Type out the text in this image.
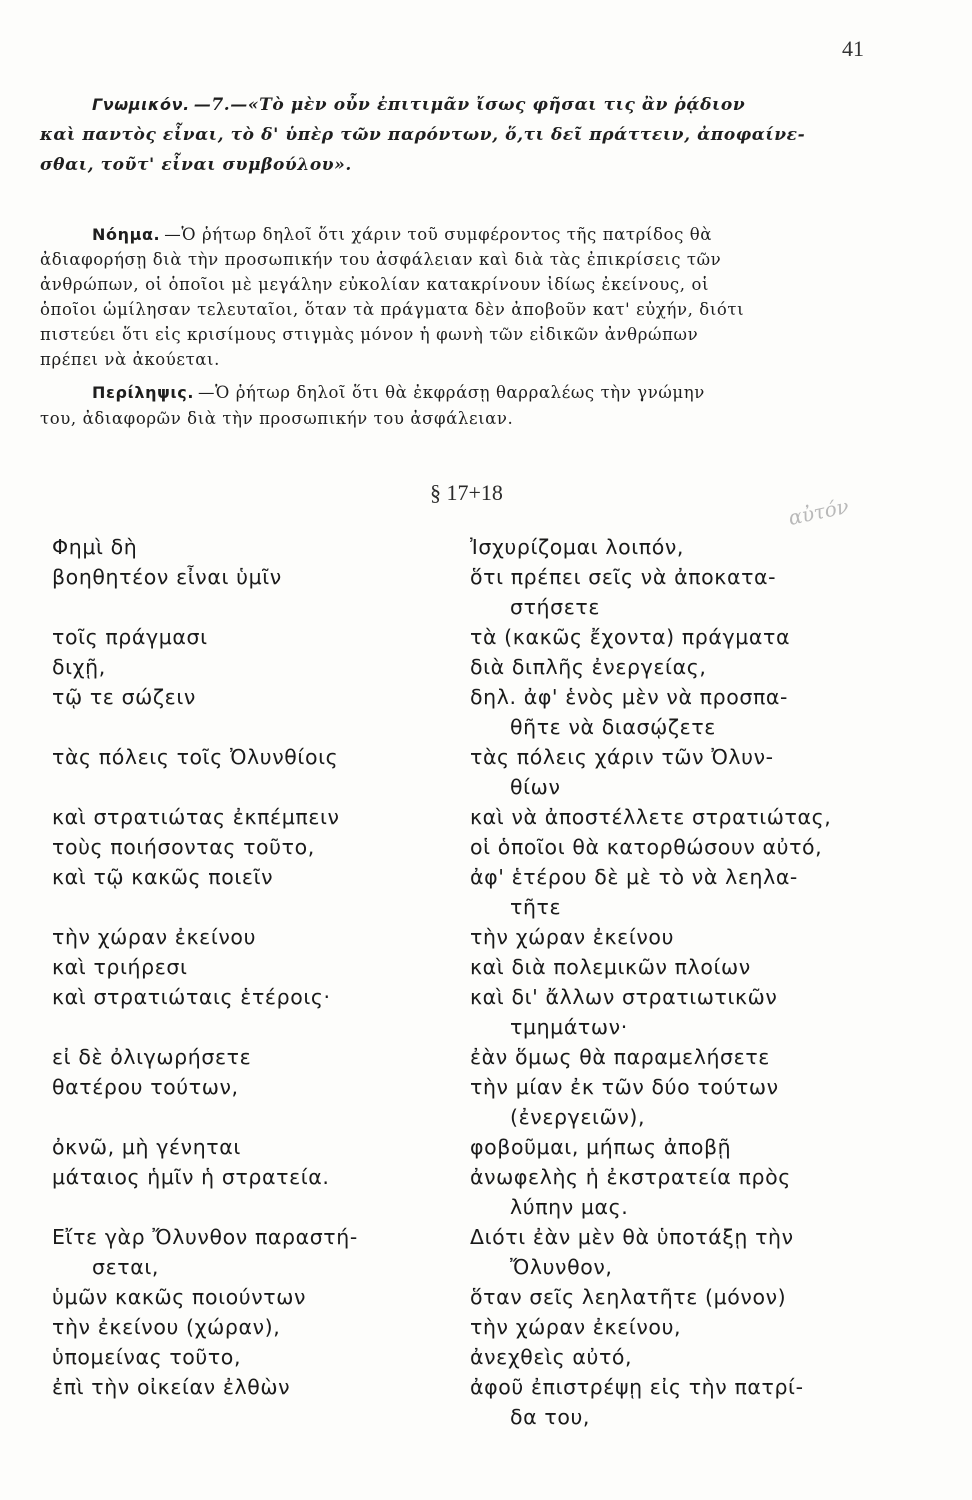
41
Γνωμικόν. —7.—«Τὸ μὲν οὖν ἐπιτιμᾶν ἴσως φῆσαι τις ἂν ῥᾴδιον
καὶ παντὸς εἶναι, τὸ δ' ὑπὲρ τῶν παρόντων, ὅ,τι δεῖ πράττειν, ἀποφαίνε-
σθαι, τοῦτ' εἶναι συμβούλου».
Νόημα. —Ὁ ῥήτωρ δηλοῖ ὅτι χάριν τοῦ συμφέροντος τῆς πατρίδος θὰ
ἀδιαφορήσῃ διὰ τὴν προσωπικήν του ἀσφάλειαν καὶ διὰ τὰς ἐπικρίσεις τῶν
ἀνθρώπων, οἱ ὁποῖοι μὲ μεγάλην εὐκολίαν κατακρίνουν ἰδίως ἐκείνους, οἱ
ὁποῖοι ὡμίλησαν τελευταῖοι, ὅταν τὰ πράγματα δὲν ἀποβοῦν κατ' εὐχήν, διότι
πιστεύει ὅτι εἰς κρισίμους στιγμὰς μόνον ἡ φωνὴ τῶν εἰδικῶν ἀνθρώπων
πρέπει νὰ ἀκούεται.
Περίληψις. —Ὁ ῥήτωρ δηλοῖ ὅτι θὰ ἐκφράσῃ θαρραλέως τὴν γνώμην
του, ἀδιαφορῶν διὰ τὴν προσωπικήν του ἀσφάλειαν.
§ 17+18
αὐτόν
Φημὶ δὴ
βοηθητέον εἶναι ὑμῖν
τοῖς πράγμασι
διχῇ,
τῷ τε σώζειν
τὰς πόλεις τοῖς Ὀλυνθίοις
καὶ στρατιώτας ἐκπέμπειν
τοὺς ποιήσοντας τοῦτο,
καὶ τῷ κακῶς ποιεῖν
τὴν χώραν ἐκείνου
καὶ τριήρεσι
καὶ στρατιώταις ἑτέροις·
εἰ δὲ ὀλιγωρήσετε
θατέρου τούτων,
ὀκνῶ, μὴ γένηται
μάταιος ἡμῖν ἡ στρατεία.
Εἴτε γὰρ Ὄλυνθον παραστή-
σεται,
ὑμῶν κακῶς ποιούντων
τὴν ἐκείνου (χώραν),
ὑπομείνας τοῦτο,
ἐπὶ τὴν οἰκείαν ἐλθὼν
Ἰσχυρίζομαι λοιπόν,
ὅτι πρέπει σεῖς νὰ ἀποκατα-
στήσετε
τὰ (κακῶς ἔχοντα) πράγματα
διὰ διπλῆς ἐνεργείας,
δηλ. ἀφ' ἑνὸς μὲν νὰ προσπα-
θῆτε νὰ διασῴζετε
τὰς πόλεις χάριν τῶν Ὀλυν-
θίων
καὶ νὰ ἀποστέλλετε στρατιώτας,
οἱ ὁποῖοι θὰ κατορθώσουν αὐτό,
ἀφ' ἑτέρου δὲ μὲ τὸ νὰ λεηλα-
τῆτε
τὴν χώραν ἐκείνου
καὶ διὰ πολεμικῶν πλοίων
καὶ δι' ἄλλων στρατιωτικῶν
τμημάτων·
ἐὰν ὅμως θὰ παραμελήσετε
τὴν μίαν ἐκ τῶν δύο τούτων
(ἐνεργειῶν),
φοβοῦμαι, μήπως ἀποβῇ
ἀνωφελὴς ἡ ἐκστρατεία πρὸς
λύπην μας.
Διότι ἐὰν μὲν θὰ ὑποτάξῃ τὴν
Ὄλυνθον,
ὅταν σεῖς λεηλατῆτε (μόνον)
τὴν χώραν ἐκείνου,
ἀνεχθεὶς αὐτό,
ἀφοῦ ἐπιστρέψῃ εἰς τὴν πατρί-
δα του,
